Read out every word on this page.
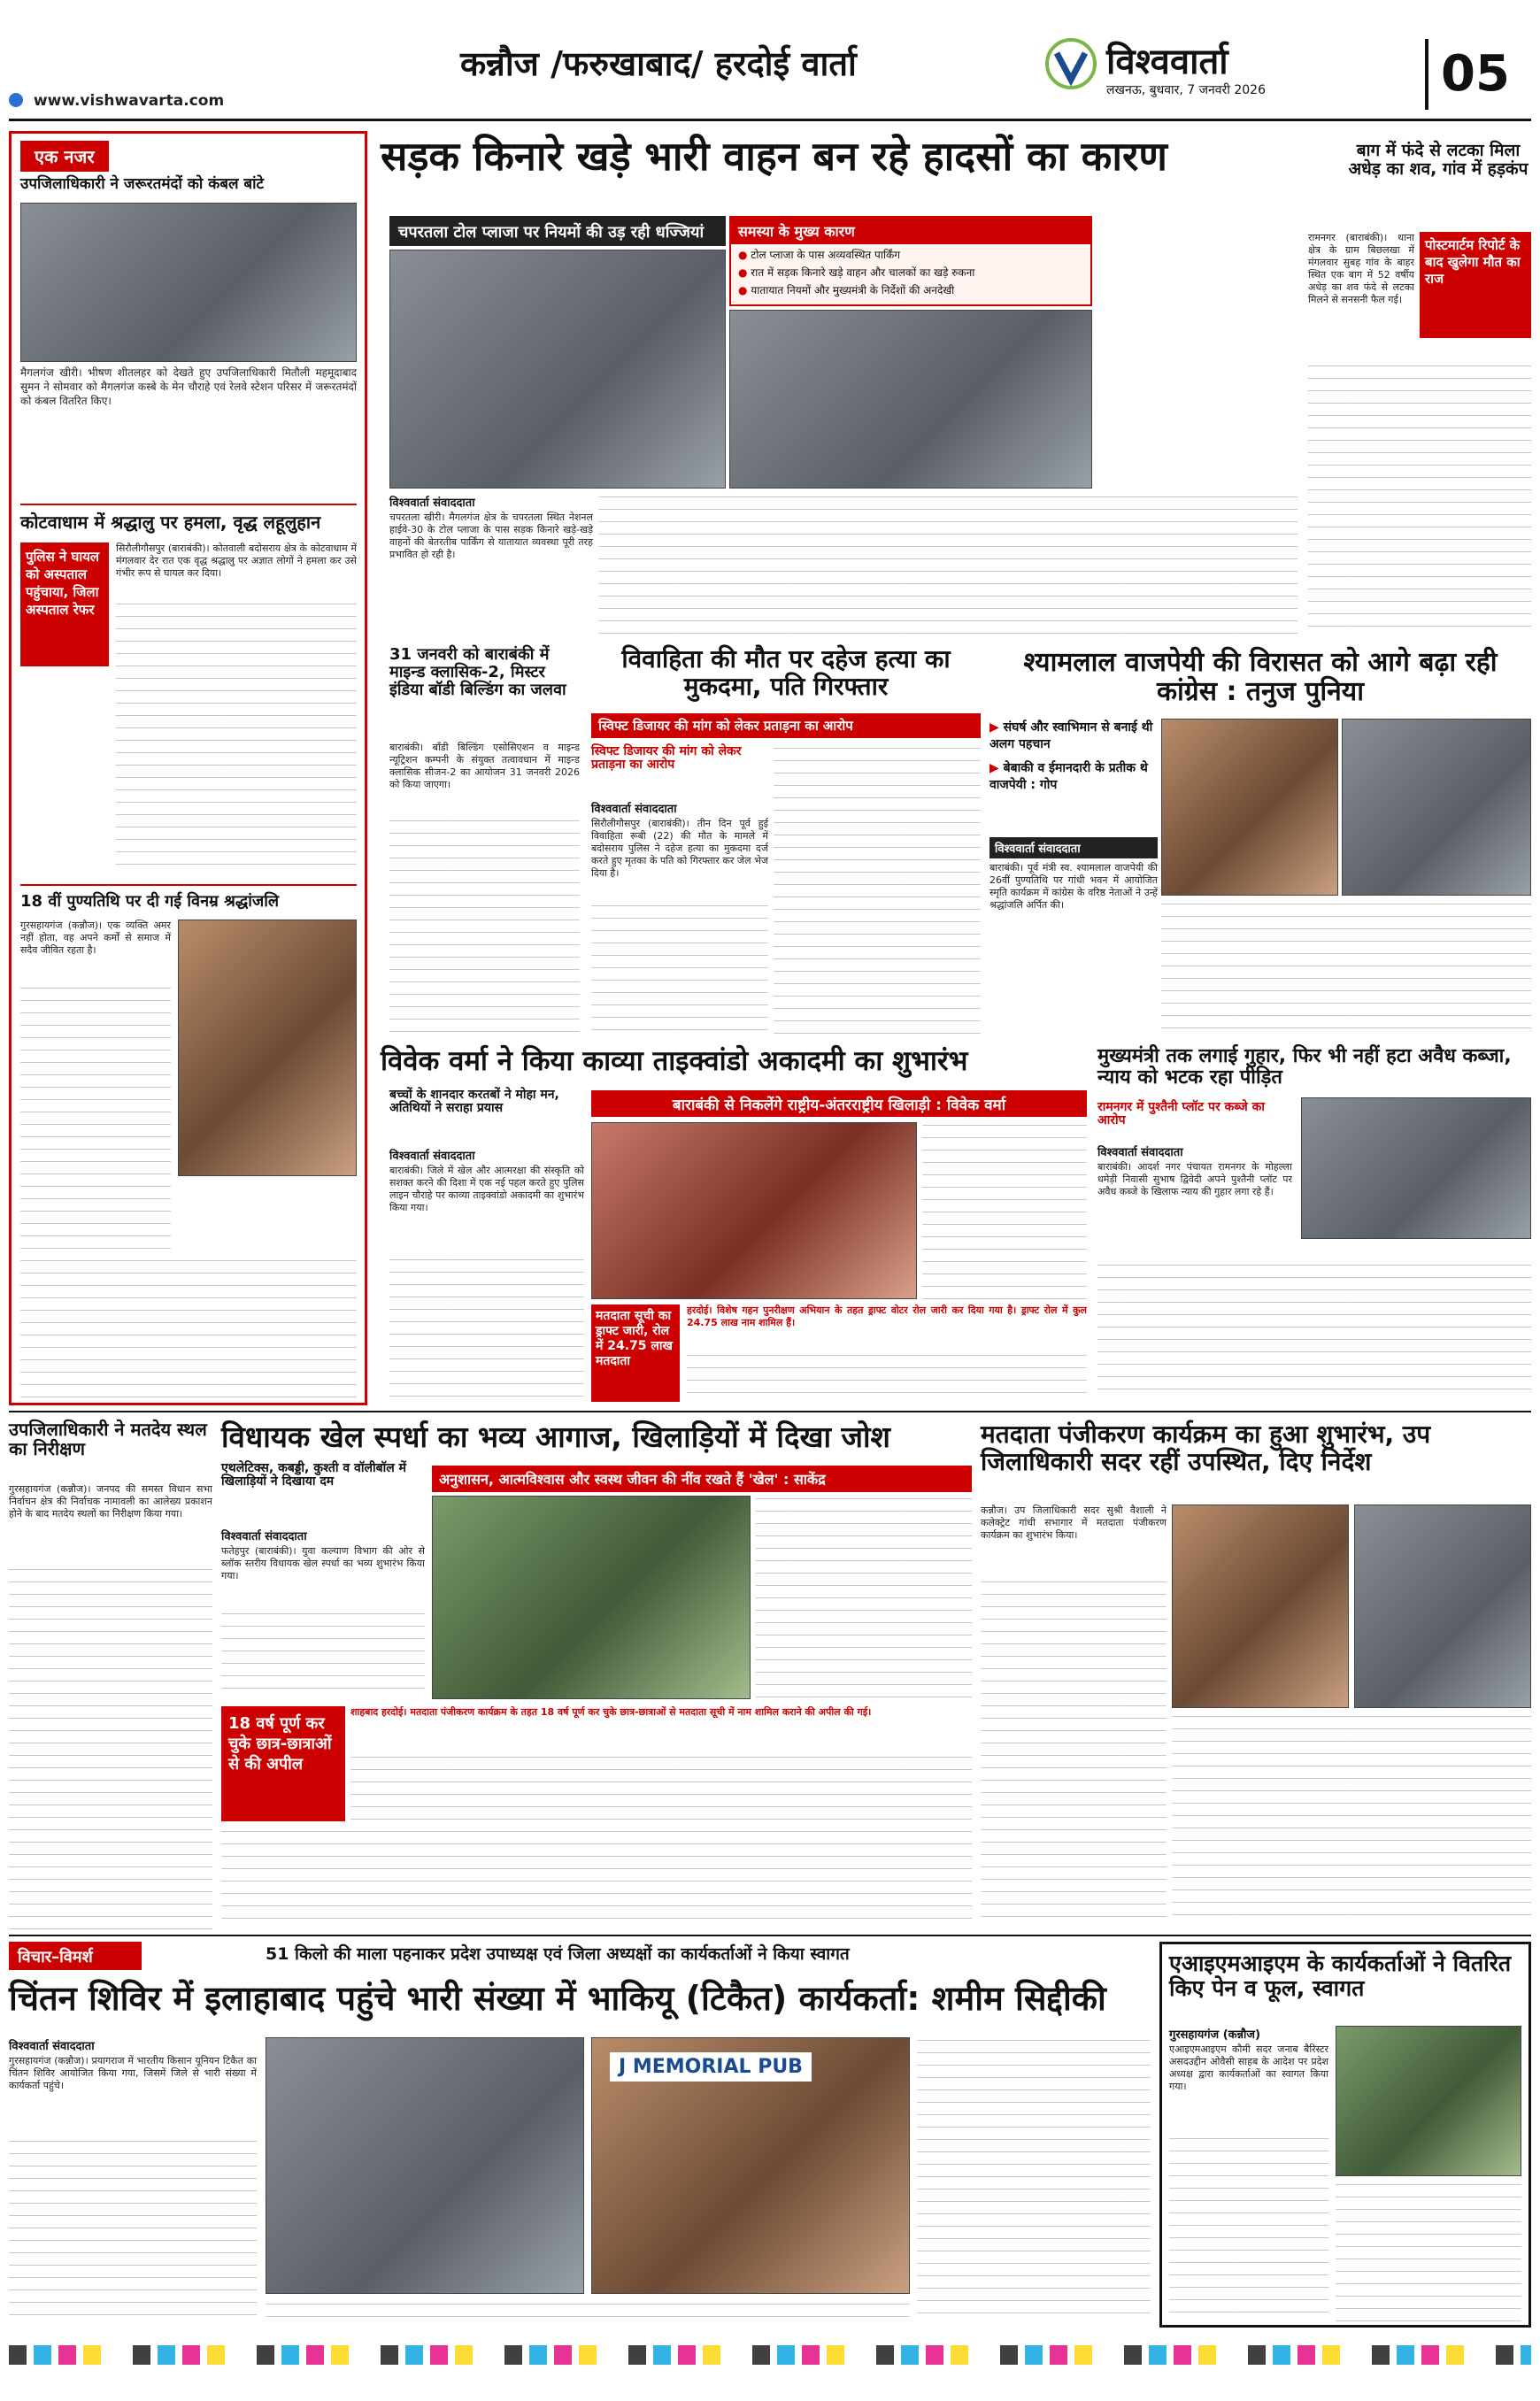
www.vishwavarta.com
कन्नौज /फरुखाबाद/ हरदोई वार्ता	विश्ववार्ता
लखनऊ, बुधवार, 7 जनवरी 2026	05
एक नजर
उपजिलाधिकारी ने जरूरतमंदों को कंबल बांटे
मैगलगंज खीरी। भीषण शीतलहर को देखते हुए उपजिलाधिकारी मितौली महमूदाबाद सुमन ने सोमवार को मैगलगंज कस्बे के मेन चौराहे एवं रेलवे स्टेशन परिसर में जरूरतमंदों को कंबल वितरित किए।
कोटवाधाम में श्रद्धालु पर हमला, वृद्ध लहूलुहान
पुलिस ने घायल को अस्पताल पहुंचाया, जिला अस्पताल रेफर
सिरौलीगौसपुर (बाराबंकी)। कोतवाली बदोसराय क्षेत्र के कोटवाधाम में मंगलवार देर रात एक वृद्ध श्रद्धालु पर अज्ञात लोगों ने हमला कर उसे गंभीर रूप से घायल कर दिया।
18 वीं पुण्यतिथि पर दी गई विनम्र श्रद्धांजलि
गुरसहायगंज (कन्नौज)। एक व्यक्ति अमर नहीं होता, वह अपने कर्मों से समाज में सदैव जीवित रहता है।
सड़क किनारे खड़े भारी वाहन बन रहे हादसों का कारण
चपरतला टोल प्लाजा पर नियमों की उड़ रही धज्जियां	समस्या के मुख्य कारण
● टोल प्लाजा के पास अव्यवस्थित पार्किंग
● रात में सड़क किनारे खड़े वाहन और चालकों का खड़े रुकना
● यातायात नियमों और मुख्यमंत्री के निर्देशों की अनदेखी
विश्ववार्ता संवाददाता
चपरतला खीरी। मैगलगंज क्षेत्र के चपरतला स्थित नेशनल हाईवे-30 के टोल प्लाजा के पास सड़क किनारे खड़े-खड़े वाहनों की बेतरतीब पार्किंग से यातायात व्यवस्था पूरी तरह प्रभावित हो रही है।
बाग में फंदे से लटका मिला अधेड़ का शव, गांव में हड़कंप
रामनगर (बाराबंकी)। थाना क्षेत्र के ग्राम बिछलखा में मंगलवार सुबह गांव के बाहर स्थित एक बाग में 52 वर्षीय अधेड़ का शव फंदे से लटका मिलने से सनसनी फैल गई।
पोस्टमार्टम रिपोर्ट के बाद खुलेगा मौत का राज
31 जनवरी को बाराबंकी में माइन्ड क्लासिक-2, मिस्टर इंडिया बॉडी बिल्डिंग का जलवा
बाराबंकी। बाँडी बिल्डिंग एसोसिएशन व माइन्ड न्यूट्रिशन कम्पनी के संयुक्त तत्वावधान में माइन्ड क्लासिक सीजन-2 का आयोजन 31 जनवरी 2026 को किया जाएगा।
विवाहिता की मौत पर दहेज हत्या का मुकदमा, पति गिरफ्तार
स्विफ्ट डिजायर की मांग को लेकर प्रताड़ना का आरोप
स्विफ्ट डिजायर की मांग को लेकर प्रताड़ना का आरोप
विश्ववार्ता संवाददाता
सिरौलीगौसपुर (बाराबंकी)। तीन दिन पूर्व हुई विवाहिता रूबी (22) की मौत के मामले में बदोसराय पुलिस ने दहेज हत्या का मुकदमा दर्ज करते हुए मृतका के पति को गिरफ्तार कर जेल भेज दिया है।
श्यामलाल वाजपेयी की विरासत को आगे बढ़ा रही कांग्रेस : तनुज पुनिया
▶ संघर्ष और स्वाभिमान से बनाई थी अलग पहचान
▶ बेबाकी व ईमानदारी के प्रतीक थे वाजपेयी : गोप
विश्ववार्ता संवाददाता
बाराबंकी। पूर्व मंत्री स्व. श्यामलाल वाजपेयी की 26वीं पुण्यतिथि पर गांधी भवन में आयोजित स्मृति कार्यक्रम में कांग्रेस के वरिष्ठ नेताओं ने उन्हें श्रद्धांजलि अर्पित की।
विवेक वर्मा ने किया काव्या ताइक्वांडो अकादमी का शुभारंभ
बच्चों के शानदार करतबों ने मोहा मन, अतिथियों ने सराहा प्रयास	बाराबंकी से निकलेंगे राष्ट्रीय-अंतरराष्ट्रीय खिलाड़ी : विवेक वर्मा
विश्ववार्ता संवाददाता
बाराबंकी। जिले में खेल और आत्मरक्षा की संस्कृति को सशक्त करने की दिशा में एक नई पहल करते हुए पुलिस लाइन चौराहे पर काव्या ताइक्वांडो अकादमी का शुभारंभ किया गया।
मतदाता सूची का ड्राफ्ट जारी, रोल में 24.75 लाख मतदाता
हरदोई। विशेष गहन पुनरीक्षण अभियान के तहत ड्राफ्ट वोटर रोल जारी कर दिया गया है। ड्राफ्ट रोल में कुल 24.75 लाख नाम शामिल हैं।
मुख्यमंत्री तक लगाई गुहार, फिर भी नहीं हटा अवैध कब्जा, न्याय को भटक रहा पीड़ित
रामनगर में पुश्तैनी प्लॉट पर कब्जे का आरोप
विश्ववार्ता संवाददाता
बाराबंकी। आदर्श नगर पंचायत रामनगर के मोहल्ला धमेड़ी निवासी सुभाष द्विवेदी अपने पुश्तैनी प्लॉट पर अवैध कब्जे के खिलाफ न्याय की गुहार लगा रहे हैं।
उपजिलाधिकारी ने मतदेय स्थल का निरीक्षण
गुरसहायगंज (कन्नौज)। जनपद की समस्त विधान सभा निर्वाचन क्षेत्र की निर्वाचक नामावली का आलेख्य प्रकाशन होने के बाद मतदेय स्थलों का निरीक्षण किया गया।
विधायक खेल स्पर्धा का भव्य आगाज, खिलाड़ियों में दिखा जोश
एथलेटिक्स, कबड्डी, कुश्ती व वॉलीबॉल में खिलाड़ियों ने दिखाया दम	अनुशासन, आत्मविश्वास और स्वस्थ जीवन की नींव रखते हैं 'खेल' : साकेंद्र
विश्ववार्ता संवाददाता
फतेहपुर (बाराबंकी)। युवा कल्याण विभाग की ओर से ब्लॉक स्तरीय विधायक खेल स्पर्धा का भव्य शुभारंभ किया गया।
18 वर्ष पूर्ण कर चुके छात्र-छात्राओं से की अपील
शाहबाद हरदोई। मतदाता पंजीकरण कार्यक्रम के तहत 18 वर्ष पूर्ण कर चुके छात्र-छात्राओं से मतदाता सूची में नाम शामिल कराने की अपील की गई।
मतदाता पंजीकरण कार्यक्रम का हुआ शुभारंभ, उप जिलाधिकारी सदर रहीं उपस्थित, दिए निर्देश
कन्नौज। उप जिलाधिकारी सदर सुश्री वैशाली ने कलेक्ट्रेट गांधी सभागार में मतदाता पंजीकरण कार्यक्रम का शुभारंभ किया।
विचार–विमर्श	51 किलो की माला पहनाकर प्रदेश उपाध्यक्ष एवं जिला अध्यक्षों का कार्यकर्ताओं ने किया स्वागत
चिंतन शिविर में इलाहाबाद पहुंचे भारी संख्या में भाकियू (टिकैत) कार्यकर्ता: शमीम सिद्दीकी
विश्ववार्ता संवाददाता
गुरसहायगंज (कन्नौज)। प्रयागराज में भारतीय किसान यूनियन टिकैत का चिंतन शिविर आयोजित किया गया, जिसमें जिले से भारी संख्या में कार्यकर्ता पहुंचे।
J MEMORIAL PUB
एआइएमआइएम के कार्यकर्ताओं ने वितरित किए पेन व फूल, स्वागत
गुरसहायगंज (कन्नौज)
एआइएमआइएम कौमी सदर जनाब बैरिस्टर असदउद्दीन ओवैसी साहब के आदेश पर प्रदेश अध्यक्ष द्वारा कार्यकर्ताओं का स्वागत किया गया।
